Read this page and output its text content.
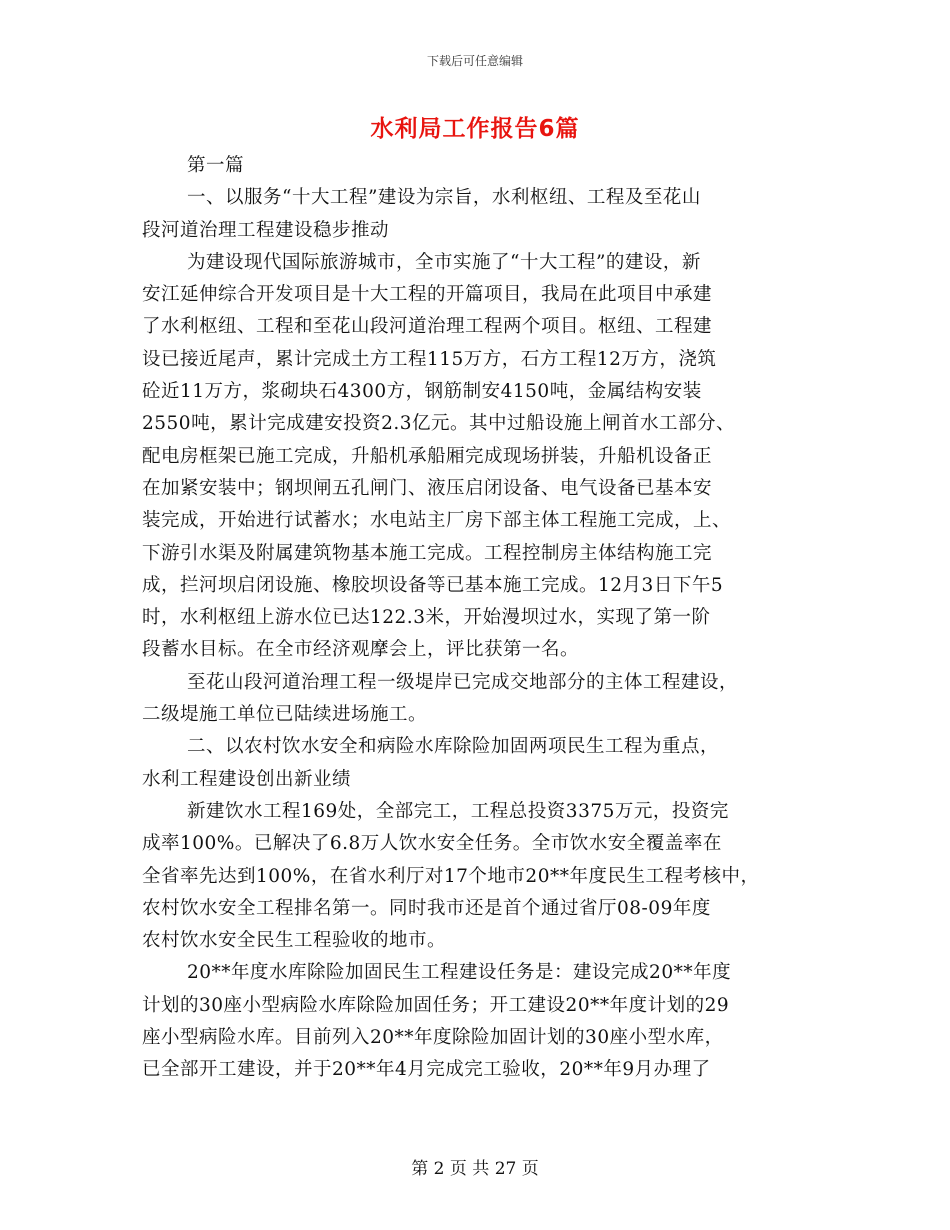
下载后可任意编辑
水利局工作报告6篇
第一篇
一、以服务“十大工程”建设为宗旨，水利枢纽、工程及至花山
段河道治理工程建设稳步推动
为建设现代国际旅游城市，全市实施了“十大工程”的建设，新
安江延伸综合开发项目是十大工程的开篇项目，我局在此项目中承建
了水利枢纽、工程和至花山段河道治理工程两个项目。枢纽、工程建
设已接近尾声，累计完成土方工程115万方，石方工程12万方，浇筑
砼近11万方，浆砌块石4300方，钢筋制安4150吨，金属结构安装
2550吨，累计完成建安投资2.3亿元。其中过船设施上闸首水工部分、
配电房框架已施工完成，升船机承船厢完成现场拼装，升船机设备正
在加紧安装中；钢坝闸五孔闸门、液压启闭设备、电气设备已基本安
装完成，开始进行试蓄水；水电站主厂房下部主体工程施工完成，上、
下游引水渠及附属建筑物基本施工完成。工程控制房主体结构施工完
成，拦河坝启闭设施、橡胶坝设备等已基本施工完成。12月3日下午5
时，水利枢纽上游水位已达122.3米，开始漫坝过水，实现了第一阶
段蓄水目标。在全市经济观摩会上，评比获第一名。
至花山段河道治理工程一级堤岸已完成交地部分的主体工程建设，
二级堤施工单位已陆续进场施工。
二、以农村饮水安全和病险水库除险加固两项民生工程为重点，
水利工程建设创出新业绩
新建饮水工程169处，全部完工，工程总投资3375万元，投资完
成率100%。已解决了6.8万人饮水安全任务。全市饮水安全覆盖率在
全省率先达到100%，在省水利厅对17个地市20**年度民生工程考核中，
农村饮水安全工程排名第一。同时我市还是首个通过省厅08-09年度
农村饮水安全民生工程验收的地市。
20**年度水库除险加固民生工程建设任务是：建设完成20**年度
计划的30座小型病险水库除险加固任务；开工建设20**年度计划的29
座小型病险水库。目前列入20**年度除险加固计划的30座小型水库，
已全部开工建设，并于20**年4月完成完工验收，20**年9月办理了
第 2 页 共 27 页
